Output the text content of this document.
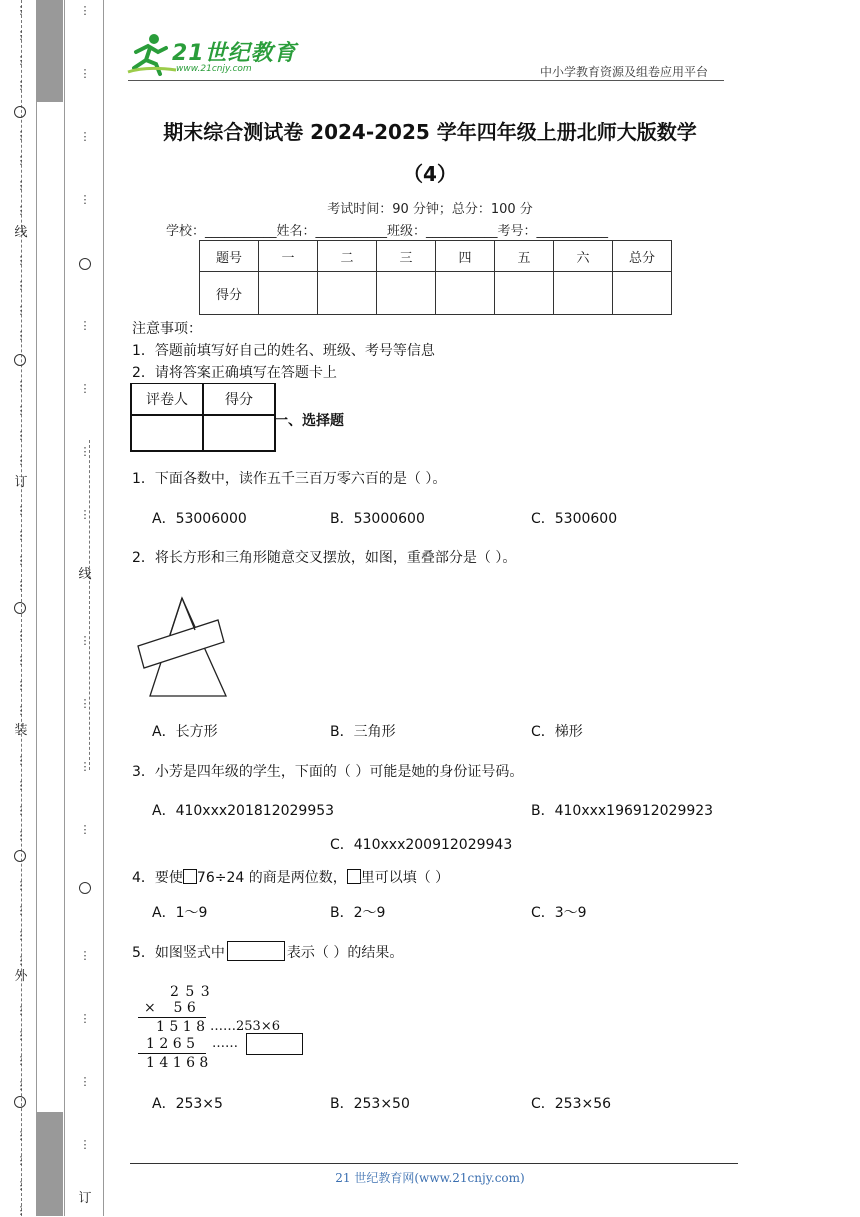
线
订
装
外
线
订
21世纪教育
www.21cnjy.com	中小学教育资源及组卷应用平台
期末综合测试卷 2024-2025 学年四年级上册北师大版数学
（4）
考试时间：90 分钟；总分：100 分
学校：___________姓名：___________班级：___________考号：___________
题号	一	二	三	四	五	六	总分
得分							
注意事项：
1．答题前填写好自己的姓名、班级、考号等信息
2．请将答案正确填写在答题卡上
评卷人	得分

一、选择题
1．下面各数中，读作五千三百万零六百的是（ ）。
A．53006000	B．53000600	C．5300600
2．将长方形和三角形随意交叉摆放，如图，重叠部分是（ ）。
A．长方形	B．三角形	C．梯形
3．小芳是四年级的学生，下面的（ ）可能是她的身份证号码。
A．410xxx201812029953	B．410xxx196912029923
C．410xxx200912029943
4．要使 76÷24 的商是两位数， 里可以填（ ）
A．1～9	B．2～9	C．3～9
5．如图竖式中	表示（ ）的结果。
2 5 3
×    5 6
1 5 1 8 ……253×6
1 2 6 5 ……
1 4 1 6 8
A．253×5	B．253×50	C．253×56
21 世纪教育网(www.21cnjy.com)
⋮
⋮
⋮
⋮
⋮
⋮
⋮
⋮
⋮
⋮
⋮
⋮
⋮
⋮
⋮
⋮
⋮
⋮
⋮
⋮
⋮
⋮
⋮
⋮
⋮
⋮
⋮
⋮
⋮
⋮
⋮
⋮
⋮
⋮
⋮
⋮
⋮
⋮
⋮
⋮
⋮
⋮
⋮
⋮
⋮
⋮
⋮
⋮
⋮
⋮
⋮
⋮
⋮
⋮
⋮
⋮
